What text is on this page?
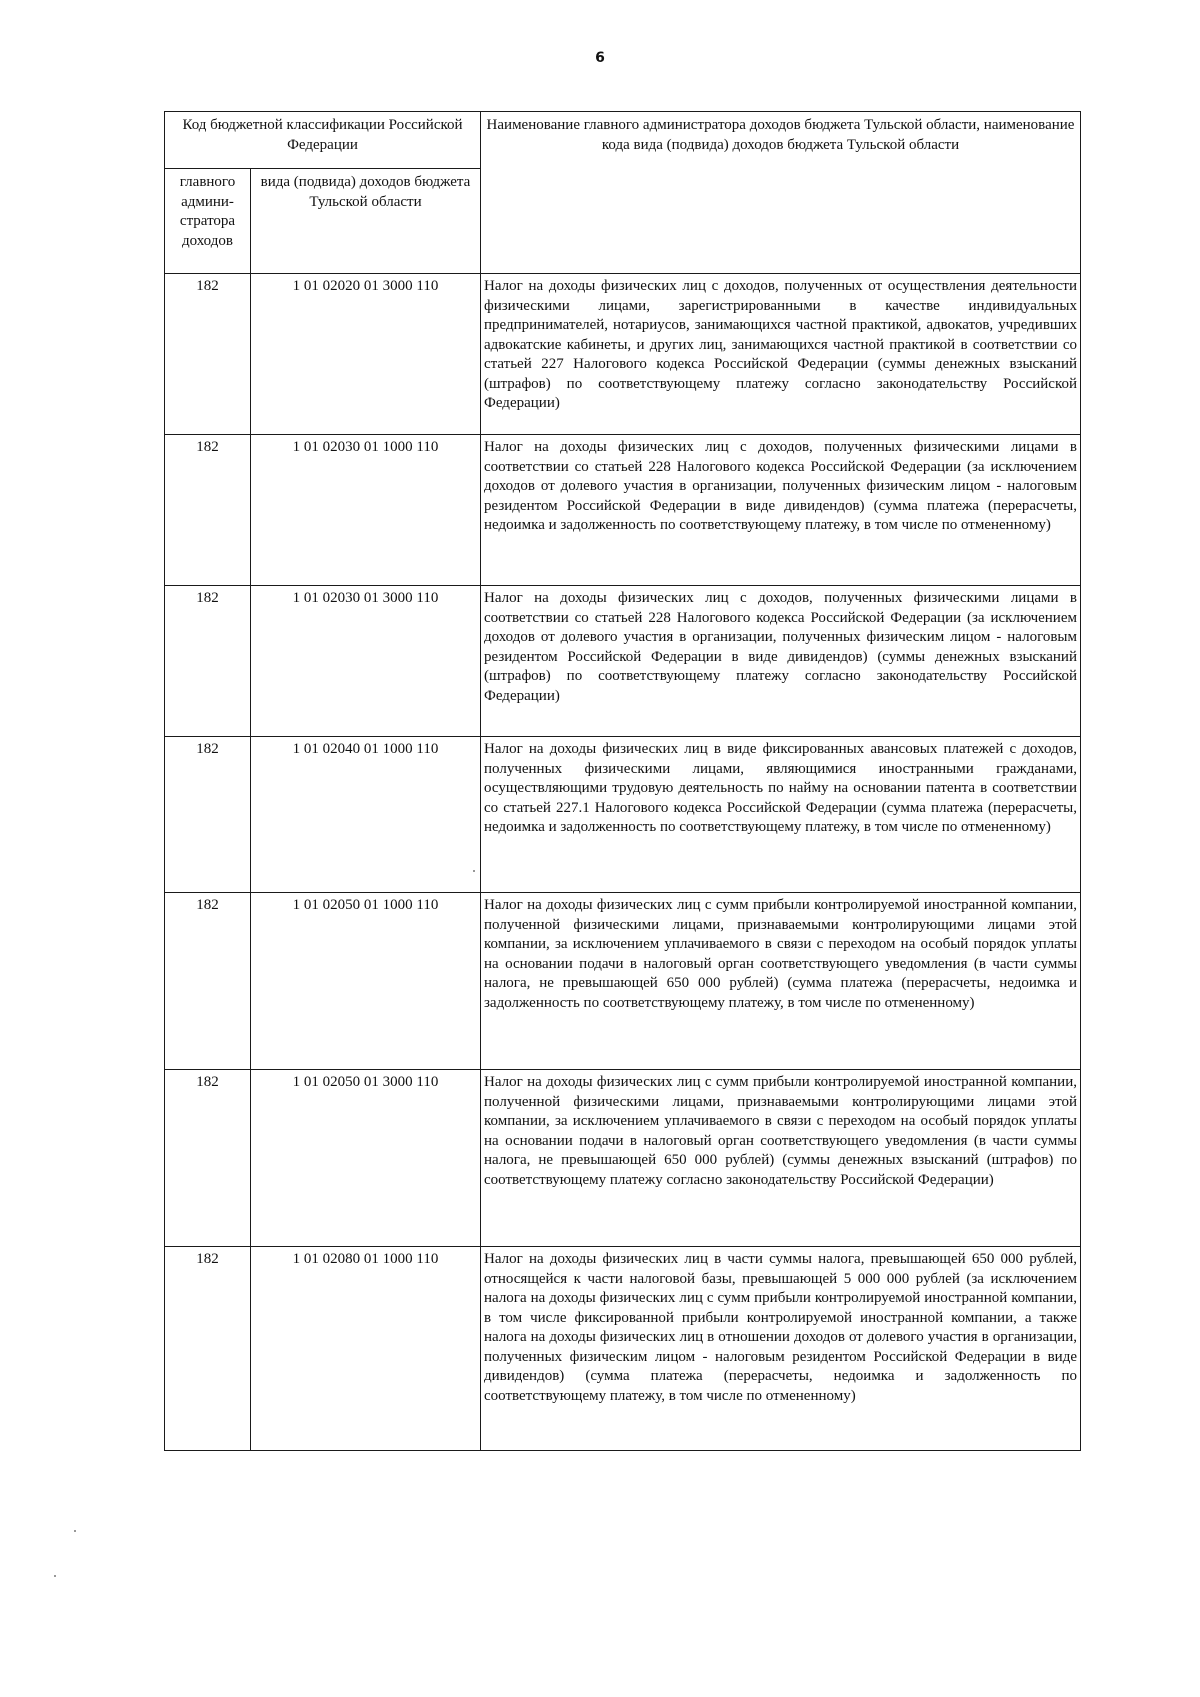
6
Код бюджетной классификации Российской Федерации		Наименование главного администратора доходов бюджета Тульской области, наименование кода вида (подвида) доходов бюджета Тульской области
главного админи-стратора доходов	вида (подвида) доходов бюджета Тульской области	
182	1 01 02020 01 3000 110	Налог на доходы физических лиц с доходов, полученных от осуществления деятельности физическими лицами, зарегистрированными в качестве индивидуальных предпринимателей, нотариусов, занимающихся частной практикой, адвокатов, учредивших адвокатские кабинеты, и других лиц, занимающихся частной практикой в соответствии со статьей 227 Налогового кодекса Российской Федерации (суммы денежных взысканий (штрафов) по соответствующему платежу согласно законодательству Российской Федерации)
182	1 01 02030 01 1000 110	Налог на доходы физических лиц с доходов, полученных физическими лицами в соответствии со статьей 228 Налогового кодекса Российской Федерации (за исключением доходов от долевого участия в организации, полученных физическим лицом - налоговым резидентом Российской Федерации в виде дивидендов) (сумма платежа (перерасчеты, недоимка и задолженность по соответствующему платежу, в том числе по отмененному)
182	1 01 02030 01 3000 110	Налог на доходы физических лиц с доходов, полученных физическими лицами в соответствии со статьей 228 Налогового кодекса Российской Федерации (за исключением доходов от долевого участия в организации, полученных физическим лицом - налоговым резидентом Российской Федерации в виде дивидендов) (суммы денежных взысканий (штрафов) по соответствующему платежу согласно законодательству Российской Федерации)
182	1 01 02040 01 1000 110	Налог на доходы физических лиц в виде фиксированных авансовых платежей с доходов, полученных физическими лицами, являющимися иностранными гражданами, осуществляющими трудовую деятельность по найму на основании патента в соответствии со статьей 227.1 Налогового кодекса Российской Федерации (сумма платежа (перерасчеты, недоимка и задолженность по соответствующему платежу, в том числе по отмененному)
182	1 01 02050 01 1000 110	Налог на доходы физических лиц с сумм прибыли контролируемой иностранной компании, полученной физическими лицами, признаваемыми контролирующими лицами этой компании, за исключением уплачиваемого в связи с переходом на особый порядок уплаты на основании подачи в налоговый орган соответствующего уведомления (в части суммы налога, не превышающей 650 000 рублей) (сумма платежа (перерасчеты, недоимка и задолженность по соответствующему платежу, в том числе по отмененному)
182	1 01 02050 01 3000 110	Налог на доходы физических лиц с сумм прибыли контролируемой иностранной компании, полученной физическими лицами, признаваемыми контролирующими лицами этой компании, за исключением уплачиваемого в связи с переходом на особый порядок уплаты на основании подачи в налоговый орган соответствующего уведомления (в части суммы налога, не превышающей 650 000 рублей) (суммы денежных взысканий (штрафов) по соответствующему платежу согласно законодательству Российской Федерации)
182	1 01 02080 01 1000 110	Налог на доходы физических лиц в части суммы налога, превышающей 650 000 рублей, относящейся к части налоговой базы, превышающей 5 000 000 рублей (за исключением налога на доходы физических лиц с сумм прибыли контролируемой иностранной компании, в том числе фиксированной прибыли контролируемой иностранной компании, а также налога на доходы физических лиц в отношении доходов от долевого участия в организации, полученных физическим лицом - налоговым резидентом Российской Федерации в виде дивидендов) (сумма платежа (перерасчеты, недоимка и задолженность по соответствующему платежу, в том числе по отмененному)
